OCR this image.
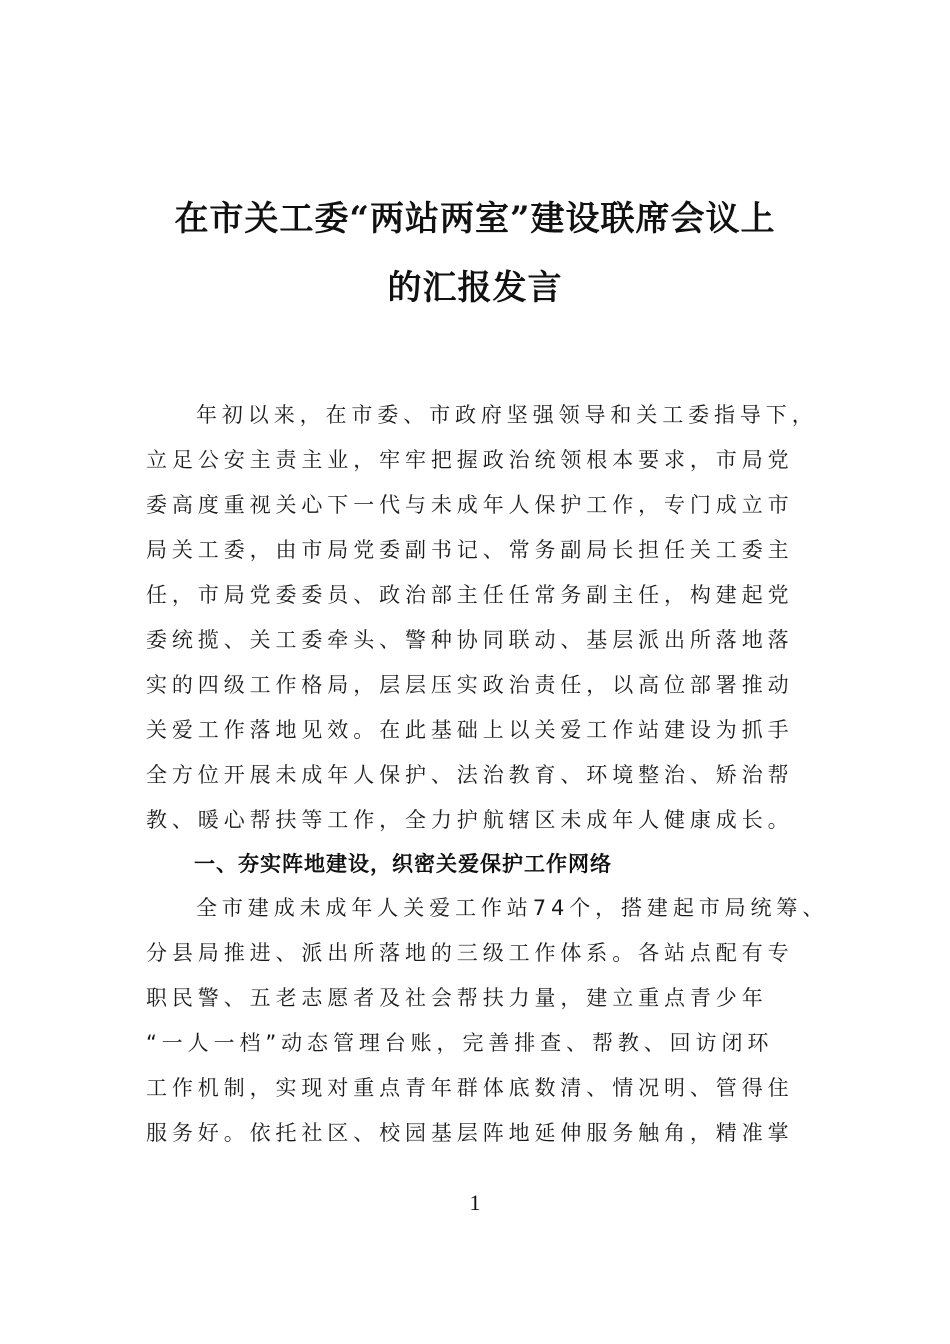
在市关工委“两站两室”建设联席会议上
的汇报发言
年初以来，在市委、市政府坚强领导和关工委指导下，
立足公安主责主业，牢牢把握政治统领根本要求，市局党
委高度重视关心下一代与未成年人保护工作，专门成立市
局关工委，由市局党委副书记、常务副局长担任关工委主
任，市局党委委员、政治部主任任常务副主任，构建起党
委统揽、关工委牵头、警种协同联动、基层派出所落地落
实的四级工作格局，层层压实政治责任，以高位部署推动
关爱工作落地见效。在此基础上以关爱工作站建设为抓手
全方位开展未成年人保护、法治教育、环境整治、矫治帮
教、暖心帮扶等工作，全力护航辖区未成年人健康成长。
一、夯实阵地建设，织密关爱保护工作网络
全市建成未成年人关爱工作站74个，搭建起市局统筹、
分县局推进、派出所落地的三级工作体系。各站点配有专
职民警、五老志愿者及社会帮扶力量，建立重点青少年
“一人一档”动态管理台账，完善排查、帮教、回访闭环
工作机制，实现对重点青年群体底数清、情况明、管得住
服务好。依托社区、校园基层阵地延伸服务触角，精准掌
1
